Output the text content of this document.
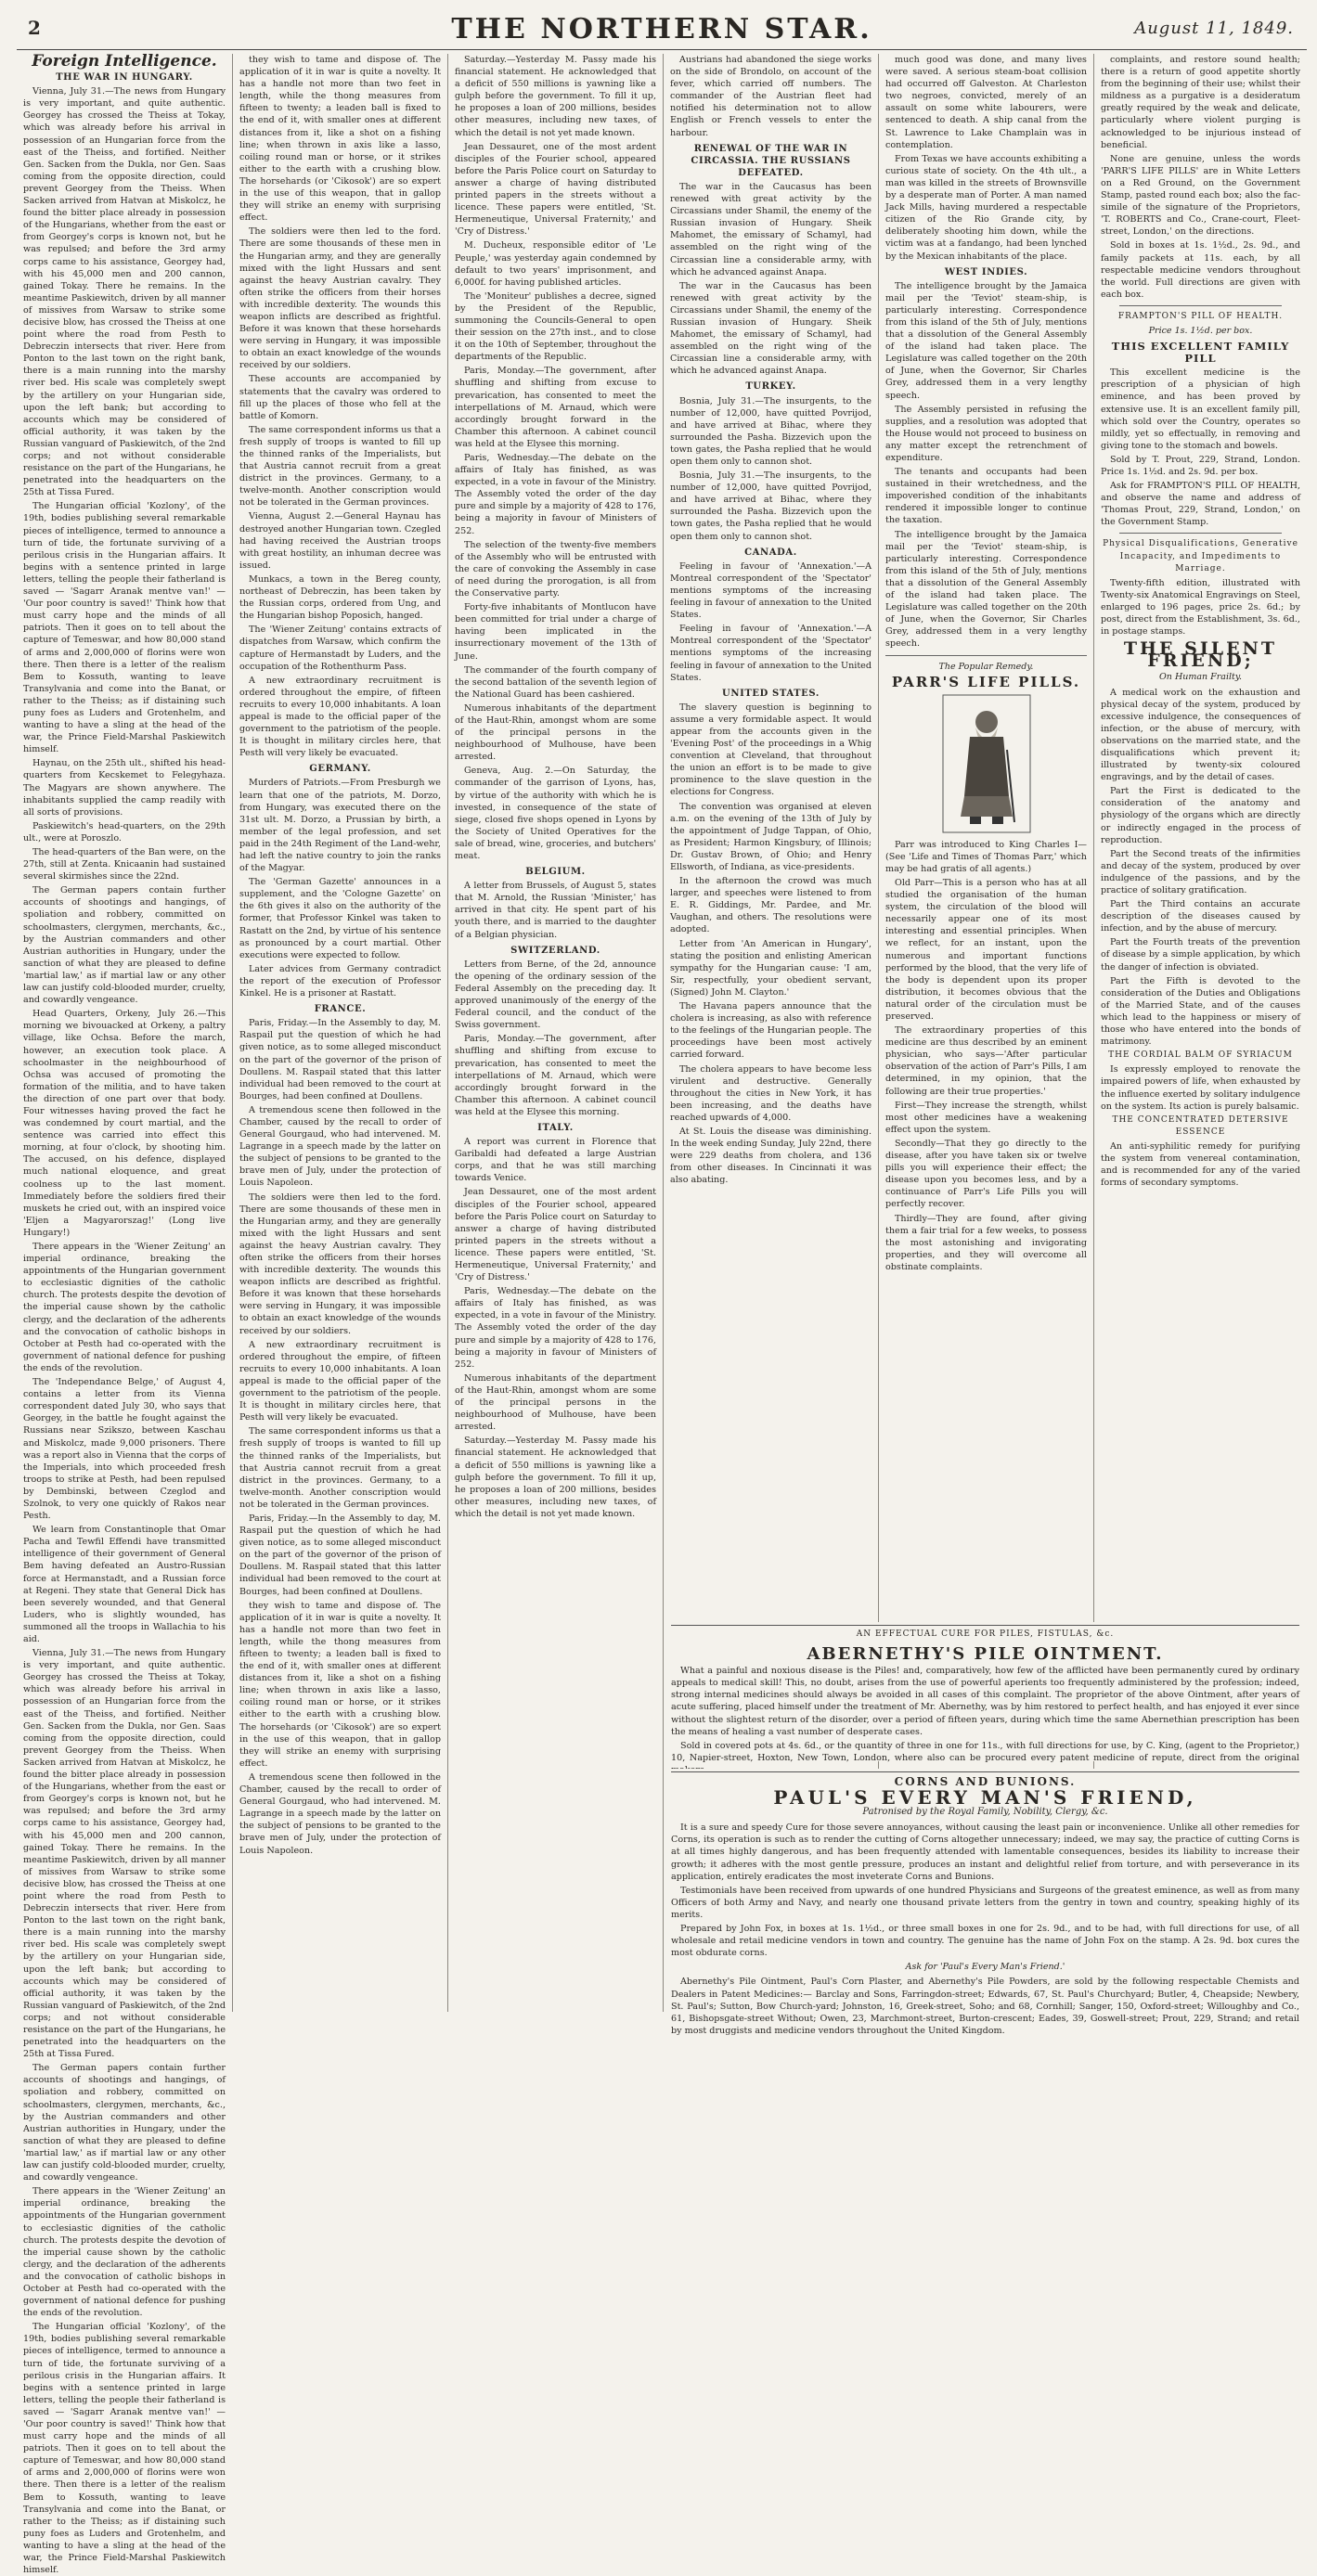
2	THE NORTHERN STAR.	August 11, 1849.
Foreign Intelligence.
THE WAR IN HUNGARY.

Vienna, July 31.—The news from Hungary is very important, and quite authentic. Georgey has crossed the Theiss at Tokay, which was already before his arrival in possession of an Hungarian force from the east of the Theiss, and fortified. Neither Gen. Sacken from the Dukla, nor Gen. Saas coming from the opposite direction, could prevent Georgey from the Theiss. When Sacken arrived from Hatvan at Miskolcz, he found the bitter place already in possession of the Hungarians, whether from the east or from Georgey's corps is known not, but he was repulsed; and before the 3rd army corps came to his assistance, Georgey had, with his 45,000 men and 200 cannon, gained Tokay. There he remains. In the meantime Paskiewitch, driven by all manner of missives from Warsaw to strike some decisive blow, has crossed the Theiss at one point where the road from Pesth to Debreczin intersects that river. Here from Ponton to the last town on the right bank, there is a main running into the marshy river bed. His scale was completely swept by the artillery on your Hungarian side, upon the left bank; but according to accounts which may be considered of official authority, it was taken by the Russian vanguard of Paskiewitch, of the 2nd corps; and not without considerable resistance on the part of the Hungarians, he penetrated into the headquarters on the 25th at Tissa Fured.

The Hungarian official 'Kozlony', of the 19th, bodies publishing several remarkable pieces of intelligence, termed to announce a turn of tide, the fortunate surviving of a perilous crisis in the Hungarian affairs. It begins with a sentence printed in large letters, telling the people their fatherland is saved — 'Sagarr Aranak mentve van!' — 'Our poor country is saved!' Think how that must carry hope and the minds of all patriots. Then it goes on to tell about the capture of Temeswar, and how 80,000 stand of arms and 2,000,000 of florins were won there. Then there is a letter of the realism Bem to Kossuth, wanting to leave Transylvania and come into the Banat, or rather to the Theiss; as if distaining such puny foes as Luders and Grotenhelm, and wanting to have a sling at the head of the war, the Prince Field-Marshal Paskiewitch himself.

Haynau, on the 25th ult., shifted his head-quarters from Kecskemet to Felegyhaza. The Magyars are shown anywhere. The inhabitants supplied the camp readily with all sorts of provisions.

Paskiewitch's head-quarters, on the 29th ult., were at Poroszlo.

The head-quarters of the Ban were, on the 27th, still at Zenta. Knicaanin had sustained several skirmishes since the 22nd.

The German papers contain further accounts of shootings and hangings, of spoliation and robbery, committed on schoolmasters, clergymen, merchants, &c., by the Austrian commanders and other Austrian authorities in Hungary, under the sanction of what they are pleased to define 'martial law,' as if martial law or any other law can justify cold-blooded murder, cruelty, and cowardly vengeance.

Head Quarters, Orkeny, July 26.—This morning we bivouacked at Orkeny, a paltry village, like Ochsa. Before the march, however, an execution took place. A schoolmaster in the neighbourhood of Ochsa was accused of promoting the formation of the militia, and to have taken the direction of one part over that body. Four witnesses having proved the fact he was condemned by court martial, and the sentence was carried into effect this morning, at four o'clock, by shooting him. The accused, on his defence, displayed much national eloquence, and great coolness up to the last moment. Immediately before the soldiers fired their muskets he cried out, with an inspired voice 'Eljen a Magyarorszag!' (Long live Hungary!)

There appears in the 'Wiener Zeitung' an imperial ordinance, breaking the appointments of the Hungarian government to ecclesiastic dignities of the catholic church. The protests despite the devotion of the imperial cause shown by the catholic clergy, and the declaration of the adherents and the convocation of catholic bishops in October at Pesth had co-operated with the government of national defence for pushing the ends of the revolution.

The 'Independance Belge,' of August 4, contains a letter from its Vienna correspondent dated July 30, who says that Georgey, in the battle he fought against the Russians near Szikszo, between Kaschau and Miskolcz, made 9,000 prisoners. There was a report also in Vienna that the corps of the Imperials, into which proceeded fresh troops to strike at Pesth, had been repulsed by Dembinski, between Czeglod and Szolnok, to very one quickly of Rakos near Pesth.

We learn from Constantinople that Omar Pacha and Tewfil Effendi have transmitted intelligence of their government of General Bem having defeated an Austro-Russian force at Hermanstadt, and a Russian force at Regeni. They state that General Dick has been severely wounded, and that General Luders, who is slightly wounded, has summoned all the troops in Wallachia to his aid.

Vienna, July 31.—The news from Hungary is very important, and quite authentic. Georgey has crossed the Theiss at Tokay, which was already before his arrival in possession of an Hungarian force from the east of the Theiss, and fortified. Neither Gen. Sacken from the Dukla, nor Gen. Saas coming from the opposite direction, could prevent Georgey from the Theiss. When Sacken arrived from Hatvan at Miskolcz, he found the bitter place already in possession of the Hungarians, whether from the east or from Georgey's corps is known not, but he was repulsed; and before the 3rd army corps came to his assistance, Georgey had, with his 45,000 men and 200 cannon, gained Tokay. There he remains. In the meantime Paskiewitch, driven by all manner of missives from Warsaw to strike some decisive blow, has crossed the Theiss at one point where the road from Pesth to Debreczin intersects that river. Here from Ponton to the last town on the right bank, there is a main running into the marshy river bed. His scale was completely swept by the artillery on your Hungarian side, upon the left bank; but according to accounts which may be considered of official authority, it was taken by the Russian vanguard of Paskiewitch, of the 2nd corps; and not without considerable resistance on the part of the Hungarians, he penetrated into the headquarters on the 25th at Tissa Fured.

The German papers contain further accounts of shootings and hangings, of spoliation and robbery, committed on schoolmasters, clergymen, merchants, &c., by the Austrian commanders and other Austrian authorities in Hungary, under the sanction of what they are pleased to define 'martial law,' as if martial law or any other law can justify cold-blooded murder, cruelty, and cowardly vengeance.

There appears in the 'Wiener Zeitung' an imperial ordinance, breaking the appointments of the Hungarian government to ecclesiastic dignities of the catholic church. The protests despite the devotion of the imperial cause shown by the catholic clergy, and the declaration of the adherents and the convocation of catholic bishops in October at Pesth had co-operated with the government of national defence for pushing the ends of the revolution.

The Hungarian official 'Kozlony', of the 19th, bodies publishing several remarkable pieces of intelligence, termed to announce a turn of tide, the fortunate surviving of a perilous crisis in the Hungarian affairs. It begins with a sentence printed in large letters, telling the people their fatherland is saved — 'Sagarr Aranak mentve van!' — 'Our poor country is saved!' Think how that must carry hope and the minds of all patriots. Then it goes on to tell about the capture of Temeswar, and how 80,000 stand of arms and 2,000,000 of florins were won there. Then there is a letter of the realism Bem to Kossuth, wanting to leave Transylvania and come into the Banat, or rather to the Theiss; as if distaining such puny foes as Luders and Grotenhelm, and wanting to have a sling at the head of the war, the Prince Field-Marshal Paskiewitch himself.

they wish to tame and dispose of. The application of it in war is quite a novelty. It has a handle not more than two feet in length, while the thong measures from fifteen to twenty; a leaden ball is fixed to the end of it, with smaller ones at different distances from it, like a shot on a fishing line; when thrown in axis like a lasso, coiling round man or horse, or it strikes either to the earth with a crushing blow. The horsehards (or 'Cikosok') are so expert in the use of this weapon, that in gallop they will strike an enemy with surprising effect.

The soldiers were then led to the ford. There are some thousands of these men in the Hungarian army, and they are generally mixed with the light Hussars and sent against the heavy Austrian cavalry. They often strike the officers from their horses with incredible dexterity. The wounds this weapon inflicts are described as frightful. Before it was known that these horsehards were serving in Hungary, it was impossible to obtain an exact knowledge of the wounds received by our soldiers.

These accounts are accompanied by statements that the cavalry was ordered to fill up the places of those who fell at the battle of Komorn.

The same correspondent informs us that a fresh supply of troops is wanted to fill up the thinned ranks of the Imperialists, but that Austria cannot recruit from a great district in the provinces. Germany, to a twelve-month. Another conscription would not be tolerated in the German provinces.

Vienna, August 2.—General Haynau has destroyed another Hungarian town. Czegled had having received the Austrian troops with great hostility, an inhuman decree was issued.

Munkacs, a town in the Bereg county, northeast of Debreczin, has been taken by the Russian corps, ordered from Ung, and the Hungarian bishop Poposich, hanged.

The 'Wiener Zeitung' contains extracts of dispatches from Warsaw, which confirm the capture of Hermanstadt by Luders, and the occupation of the Rothenthurm Pass.

A new extraordinary recruitment is ordered throughout the empire, of fifteen recruits to every 10,000 inhabitants. A loan appeal is made to the official paper of the government to the patriotism of the people. It is thought in military circles here, that Pesth will very likely be evacuated.

GERMANY.

Murders of Patriots.—From Presburgh we learn that one of the patriots, M. Dorzo, from Hungary, was executed there on the 31st ult. M. Dorzo, a Prussian by birth, a member of the legal profession, and set paid in the 24th Regiment of the Land-wehr, had left the native country to join the ranks of the Magyar.

The 'German Gazette' announces in a supplement, and the 'Cologne Gazette' on the 6th gives it also on the authority of the former, that Professor Kinkel was taken to Rastatt on the 2nd, by virtue of his sentence as pronounced by a court martial. Other executions were expected to follow.

Later advices from Germany contradict the report of the execution of Professor Kinkel. He is a prisoner at Rastatt.

FRANCE.

Paris, Friday.—In the Assembly to day, M. Raspail put the question of which he had given notice, as to some alleged misconduct on the part of the governor of the prison of Doullens. M. Raspail stated that this latter individual had been removed to the court at Bourges, had been confined at Doullens.

A tremendous scene then followed in the Chamber, caused by the recall to order of General Gourgaud, who had intervened. M. Lagrange in a speech made by the latter on the subject of pensions to be granted to the brave men of July, under the protection of Louis Napoleon.

The soldiers were then led to the ford. There are some thousands of these men in the Hungarian army, and they are generally mixed with the light Hussars and sent against the heavy Austrian cavalry. They often strike the officers from their horses with incredible dexterity. The wounds this weapon inflicts are described as frightful. Before it was known that these horsehards were serving in Hungary, it was impossible to obtain an exact knowledge of the wounds received by our soldiers.

A new extraordinary recruitment is ordered throughout the empire, of fifteen recruits to every 10,000 inhabitants. A loan appeal is made to the official paper of the government to the patriotism of the people. It is thought in military circles here, that Pesth will very likely be evacuated.

The same correspondent informs us that a fresh supply of troops is wanted to fill up the thinned ranks of the Imperialists, but that Austria cannot recruit from a great district in the provinces. Germany, to a twelve-month. Another conscription would not be tolerated in the German provinces.

Paris, Friday.—In the Assembly to day, M. Raspail put the question of which he had given notice, as to some alleged misconduct on the part of the governor of the prison of Doullens. M. Raspail stated that this latter individual had been removed to the court at Bourges, had been confined at Doullens.

they wish to tame and dispose of. The application of it in war is quite a novelty. It has a handle not more than two feet in length, while the thong measures from fifteen to twenty; a leaden ball is fixed to the end of it, with smaller ones at different distances from it, like a shot on a fishing line; when thrown in axis like a lasso, coiling round man or horse, or it strikes either to the earth with a crushing blow. The horsehards (or 'Cikosok') are so expert in the use of this weapon, that in gallop they will strike an enemy with surprising effect.

A tremendous scene then followed in the Chamber, caused by the recall to order of General Gourgaud, who had intervened. M. Lagrange in a speech made by the latter on the subject of pensions to be granted to the brave men of July, under the protection of Louis Napoleon.

Saturday.—Yesterday M. Passy made his financial statement. He acknowledged that a deficit of 550 millions is yawning like a gulph before the government. To fill it up, he proposes a loan of 200 millions, besides other measures, including new taxes, of which the detail is not yet made known.

Jean Dessauret, one of the most ardent disciples of the Fourier school, appeared before the Paris Police court on Saturday to answer a charge of having distributed printed papers in the streets without a licence. These papers were entitled, 'St. Hermeneutique, Universal Fraternity,' and 'Cry of Distress.'

M. Ducheux, responsible editor of 'Le Peuple,' was yesterday again condemned by default to two years' imprisonment, and 6,000f. for having published articles.

The 'Moniteur' publishes a decree, signed by the President of the Republic, summoning the Councils-General to open their session on the 27th inst., and to close it on the 10th of September, throughout the departments of the Republic.

Paris, Monday.—The government, after shuffling and shifting from excuse to prevarication, has consented to meet the interpellations of M. Arnaud, which were accordingly brought forward in the Chamber this afternoon. A cabinet council was held at the Elysee this morning.

Paris, Wednesday.—The debate on the affairs of Italy has finished, as was expected, in a vote in favour of the Ministry. The Assembly voted the order of the day pure and simple by a majority of 428 to 176, being a majority in favour of Ministers of 252.

The selection of the twenty-five members of the Assembly who will be entrusted with the care of convoking the Assembly in case of need during the prorogation, is all from the Conservative party.

Forty-five inhabitants of Montlucon have been committed for trial under a charge of having been implicated in the insurrectionary movement of the 13th of June.

The commander of the fourth company of the second battalion of the seventh legion of the National Guard has been cashiered.

Numerous inhabitants of the department of the Haut-Rhin, amongst whom are some of the principal persons in the neighbourhood of Mulhouse, have been arrested.

Geneva, Aug. 2.—On Saturday, the commander of the garrison of Lyons, has, by virtue of the authority with which he is invested, in consequence of the state of siege, closed five shops opened in Lyons by the Society of United Operatives for the sale of bread, wine, groceries, and butchers' meat.

BELGIUM.

A letter from Brussels, of August 5, states that M. Arnold, the Russian 'Minister,' has arrived in that city. He spent part of his youth there, and is married to the daughter of a Belgian physician.

SWITZERLAND.

Letters from Berne, of the 2d, announce the opening of the ordinary session of the Federal Assembly on the preceding day. It approved unanimously of the energy of the Federal council, and the conduct of the Swiss government.

Paris, Monday.—The government, after shuffling and shifting from excuse to prevarication, has consented to meet the interpellations of M. Arnaud, which were accordingly brought forward in the Chamber this afternoon. A cabinet council was held at the Elysee this morning.

ITALY.

A report was current in Florence that Garibaldi had defeated a large Austrian corps, and that he was still marching towards Venice.

Jean Dessauret, one of the most ardent disciples of the Fourier school, appeared before the Paris Police court on Saturday to answer a charge of having distributed printed papers in the streets without a licence. These papers were entitled, 'St. Hermeneutique, Universal Fraternity,' and 'Cry of Distress.'

Paris, Wednesday.—The debate on the affairs of Italy has finished, as was expected, in a vote in favour of the Ministry. The Assembly voted the order of the day pure and simple by a majority of 428 to 176, being a majority in favour of Ministers of 252.

Numerous inhabitants of the department of the Haut-Rhin, amongst whom are some of the principal persons in the neighbourhood of Mulhouse, have been arrested.

Saturday.—Yesterday M. Passy made his financial statement. He acknowledged that a deficit of 550 millions is yawning like a gulph before the government. To fill it up, he proposes a loan of 200 millions, besides other measures, including new taxes, of which the detail is not yet made known.

Austrians had abandoned the siege works on the side of Brondolo, on account of the fever, which carried off numbers. The commander of the Austrian fleet had notified his determination not to allow English or French vessels to enter the harbour.

RENEWAL OF THE WAR IN CIRCASSIA. THE RUSSIANS DEFEATED.

The war in the Caucasus has been renewed with great activity by the Circassians under Shamil, the enemy of the Russian invasion of Hungary. Sheik Mahomet, the emissary of Schamyl, had assembled on the right wing of the Circassian line a considerable army, with which he advanced against Anapa.

The war in the Caucasus has been renewed with great activity by the Circassians under Shamil, the enemy of the Russian invasion of Hungary. Sheik Mahomet, the emissary of Schamyl, had assembled on the right wing of the Circassian line a considerable army, with which he advanced against Anapa.

TURKEY.

Bosnia, July 31.—The insurgents, to the number of 12,000, have quitted Povrijod, and have arrived at Bihac, where they surrounded the Pasha. Bizzevich upon the town gates, the Pasha replied that he would open them only to cannon shot.

Bosnia, July 31.—The insurgents, to the number of 12,000, have quitted Povrijod, and have arrived at Bihac, where they surrounded the Pasha. Bizzevich upon the town gates, the Pasha replied that he would open them only to cannon shot.

CANADA.

Feeling in favour of 'Annexation.'—A Montreal correspondent of the 'Spectator' mentions symptoms of the increasing feeling in favour of annexation to the United States.

Feeling in favour of 'Annexation.'—A Montreal correspondent of the 'Spectator' mentions symptoms of the increasing feeling in favour of annexation to the United States.

UNITED STATES.

The slavery question is beginning to assume a very formidable aspect. It would appear from the accounts given in the 'Evening Post' of the proceedings in a Whig convention at Cleveland, that throughout the union an effort is to be made to give prominence to the slave question in the elections for Congress.

The convention was organised at eleven a.m. on the evening of the 13th of July by the appointment of Judge Tappan, of Ohio, as President; Harmon Kingsbury, of Illinois; Dr. Gustav Brown, of Ohio; and Henry Ellsworth, of Indiana, as vice-presidents.

In the afternoon the crowd was much larger, and speeches were listened to from E. R. Giddings, Mr. Pardee, and Mr. Vaughan, and others. The resolutions were adopted.

Letter from 'An American in Hungary', stating the position and enlisting American sympathy for the Hungarian cause: 'I am, Sir, respectfully, your obedient servant, (Signed) John M. Clayton.'

The Havana papers announce that the cholera is increasing, as also with reference to the feelings of the Hungarian people. The proceedings have been most actively carried forward.

The cholera appears to have become less virulent and destructive. Generally throughout the cities in New York, it has been increasing, and the deaths have reached upwards of 4,000.

At St. Louis the disease was diminishing. In the week ending Sunday, July 22nd, there were 229 deaths from cholera, and 136 from other diseases. In Cincinnati it was also abating.

much good was done, and many lives were saved. A serious steam-boat collision had occurred off Galveston. At Charleston two negroes, convicted, merely of an assault on some white labourers, were sentenced to death. A ship canal from the St. Lawrence to Lake Champlain was in contemplation.

From Texas we have accounts exhibiting a curious state of society. On the 4th ult., a man was killed in the streets of Brownsville by a desperate man of Porter. A man named Jack Mills, having murdered a respectable citizen of the Rio Grande city, by deliberately shooting him down, while the victim was at a fandango, had been lynched by the Mexican inhabitants of the place.

WEST INDIES.

The intelligence brought by the Jamaica mail per the 'Teviot' steam-ship, is particularly interesting. Correspondence from this island of the 5th of July, mentions that a dissolution of the General Assembly of the island had taken place. The Legislature was called together on the 20th of June, when the Governor, Sir Charles Grey, addressed them in a very lengthy speech.

The Assembly persisted in refusing the supplies, and a resolution was adopted that the House would not proceed to business on any matter except the retrenchment of expenditure.

The tenants and occupants had been sustained in their wretchedness, and the impoverished condition of the inhabitants rendered it impossible longer to continue the taxation.

The intelligence brought by the Jamaica mail per the 'Teviot' steam-ship, is particularly interesting. Correspondence from this island of the 5th of July, mentions that a dissolution of the General Assembly of the island had taken place. The Legislature was called together on the 20th of June, when the Governor, Sir Charles Grey, addressed them in a very lengthy speech.

The Popular Remedy.
PARR'S LIFE PILLS.

Parr was introduced to King Charles I—(See 'Life and Times of Thomas Parr,' which may be had gratis of all agents.)

Old Parr—This is a person who has at all studied the organisation of the human system, the circulation of the blood will necessarily appear one of its most interesting and essential principles. When we reflect, for an instant, upon the numerous and important functions performed by the blood, that the very life of the body is dependent upon its proper distribution, it becomes obvious that the natural order of the circulation must be preserved.

The extraordinary properties of this medicine are thus described by an eminent physician, who says—'After particular observation of the action of Parr's Pills, I am determined, in my opinion, that the following are their true properties.'

First—They increase the strength, whilst most other medicines have a weakening effect upon the system.

Secondly—That they go directly to the disease, after you have taken six or twelve pills you will experience their effect; the disease upon you becomes less, and by a continuance of Parr's Life Pills you will perfectly recover.

Thirdly—They are found, after giving them a fair trial for a few weeks, to possess the most astonishing and invigorating properties, and they will overcome all obstinate complaints.

complaints, and restore sound health; there is a return of good appetite shortly from the beginning of their use; whilst their mildness as a purgative is a desideratum greatly required by the weak and delicate, particularly where violent purging is acknowledged to be injurious instead of beneficial.

None are genuine, unless the words 'PARR'S LIFE PILLS' are in White Letters on a Red Ground, on the Government Stamp, pasted round each box; also the fac-simile of the signature of the Proprietors, 'T. ROBERTS and Co., Crane-court, Fleet-street, London,' on the directions.

Sold in boxes at 1s. 1½d., 2s. 9d., and family packets at 11s. each, by all respectable medicine vendors throughout the world. Full directions are given with each box.

FRAMPTON'S PILL OF HEALTH.
Price 1s. 1½d. per box.
THIS EXCELLENT FAMILY PILL

This excellent medicine is the prescription of a physician of high eminence, and has been proved by extensive use. It is an excellent family pill, which sold over the Country, operates so mildly, yet so effectually, in removing and giving tone to the stomach and bowels.

Sold by T. Prout, 229, Strand, London. Price 1s. 1½d. and 2s. 9d. per box.

Ask for FRAMPTON'S PILL OF HEALTH, and observe the name and address of 'Thomas Prout, 229, Strand, London,' on the Government Stamp.

Physical Disqualifications, Generative Incapacity, and Impediments to Marriage.

Twenty-fifth edition, illustrated with Twenty-six Anatomical Engravings on Steel, enlarged to 196 pages, price 2s. 6d.; by post, direct from the Establishment, 3s. 6d., in postage stamps.

THE SILENT FRIEND;
On Human Frailty.

A medical work on the exhaustion and physical decay of the system, produced by excessive indulgence, the consequences of infection, or the abuse of mercury, with observations on the married state, and the disqualifications which prevent it; illustrated by twenty-six coloured engravings, and by the detail of cases.

Part the First is dedicated to the consideration of the anatomy and physiology of the organs which are directly or indirectly engaged in the process of reproduction.

Part the Second treats of the infirmities and decay of the system, produced by over indulgence of the passions, and by the practice of solitary gratification.

Part the Third contains an accurate description of the diseases caused by infection, and by the abuse of mercury.

Part the Fourth treats of the prevention of disease by a simple application, by which the danger of infection is obviated.

Part the Fifth is devoted to the consideration of the Duties and Obligations of the Married State, and of the causes which lead to the happiness or misery of those who have entered into the bonds of matrimony.

THE CORDIAL BALM OF SYRIACUM

Is expressly employed to renovate the impaired powers of life, when exhausted by the influence exerted by solitary indulgence on the system. Its action is purely balsamic.

THE CONCENTRATED DETERSIVE ESSENCE

An anti-syphilitic remedy for purifying the system from venereal contamination, and is recommended for any of the varied forms of secondary symptoms.

AN EFFECTUAL CURE FOR PILES, FISTULAS, &c.
ABERNETHY'S PILE OINTMENT.

What a painful and noxious disease is the Piles! and, comparatively, how few of the afflicted have been permanently cured by ordinary appeals to medical skill! This, no doubt, arises from the use of powerful aperients too frequently administered by the profession; indeed, strong internal medicines should always be avoided in all cases of this complaint. The proprietor of the above Ointment, after years of acute suffering, placed himself under the treatment of Mr. Abernethy, was by him restored to perfect health, and has enjoyed it ever since without the slightest return of the disorder, over a period of fifteen years, during which time the same Abernethian prescription has been the means of healing a vast number of desperate cases.

Sold in covered pots at 4s. 6d., or the quantity of three in one for 11s., with full directions for use, by C. King, (agent to the Proprietor,) 10, Napier-street, Hoxton, New Town, London, where also can be procured every patent medicine of repute, direct from the original

CORNS AND BUNIONS.
PAUL'S EVERY MAN'S FRIEND,
Patronised by the Royal Family, Nobility, Clergy, &c.

It is a sure and speedy Cure for those severe annoyances, without causing the least pain or inconvenience. Unlike all other remedies for Corns, its operation is such as to render the cutting of Corns altogether unnecessary; indeed, we may say, the practice of cutting Corns is at all times highly dangerous, and has been frequently attended with lamentable consequences, besides its liability to increase their growth; it adheres with the most gentle pressure, produces an instant and delightful relief from torture, and with perseverance in its application, entirely eradicates the most inveterate Corns and Bunions.

Testimonials have been received from upwards of one hundred Physicians and Surgeons of the greatest eminence, as well as from many Officers of both Army and Navy, and nearly one thousand private letters from the gentry in town and country, speaking highly of its merits.

Prepared by John Fox, in boxes at 1s. 1½d., or three small boxes in one for 2s. 9d., and to be had, with full directions for use, of all wholesale and retail medicine vendors in town and country. The genuine has the name of John Fox on the stamp. A 2s. 9d. box cures the most obdurate corns.

Ask for 'Paul's Every Man's Friend.'

Abernethy's Pile Ointment, Paul's Corn Plaster, and Abernethy's Pile Powders, are sold by the following respectable Chemists and Dealers in Patent Medicines:— Barclay and Sons, Farringdon-street; Edwards, 67, St. Paul's Churchyard; Butler, 4, Cheapside; Newbery, St. Paul's; Sutton, Bow Church-yard; Johnston, 16, Greek-street, Soho; and 68, Cornhill; Sanger, 150, Oxford-street; Willoughby and Co., 61, Bishopsgate-street Without; Owen, 23, Marchmont-street, Burton-crescent; Eades, 39, Goswell-street; Prout, 229, Strand; and retail by most druggists and medicine vendors throughout the United Kingdom.
